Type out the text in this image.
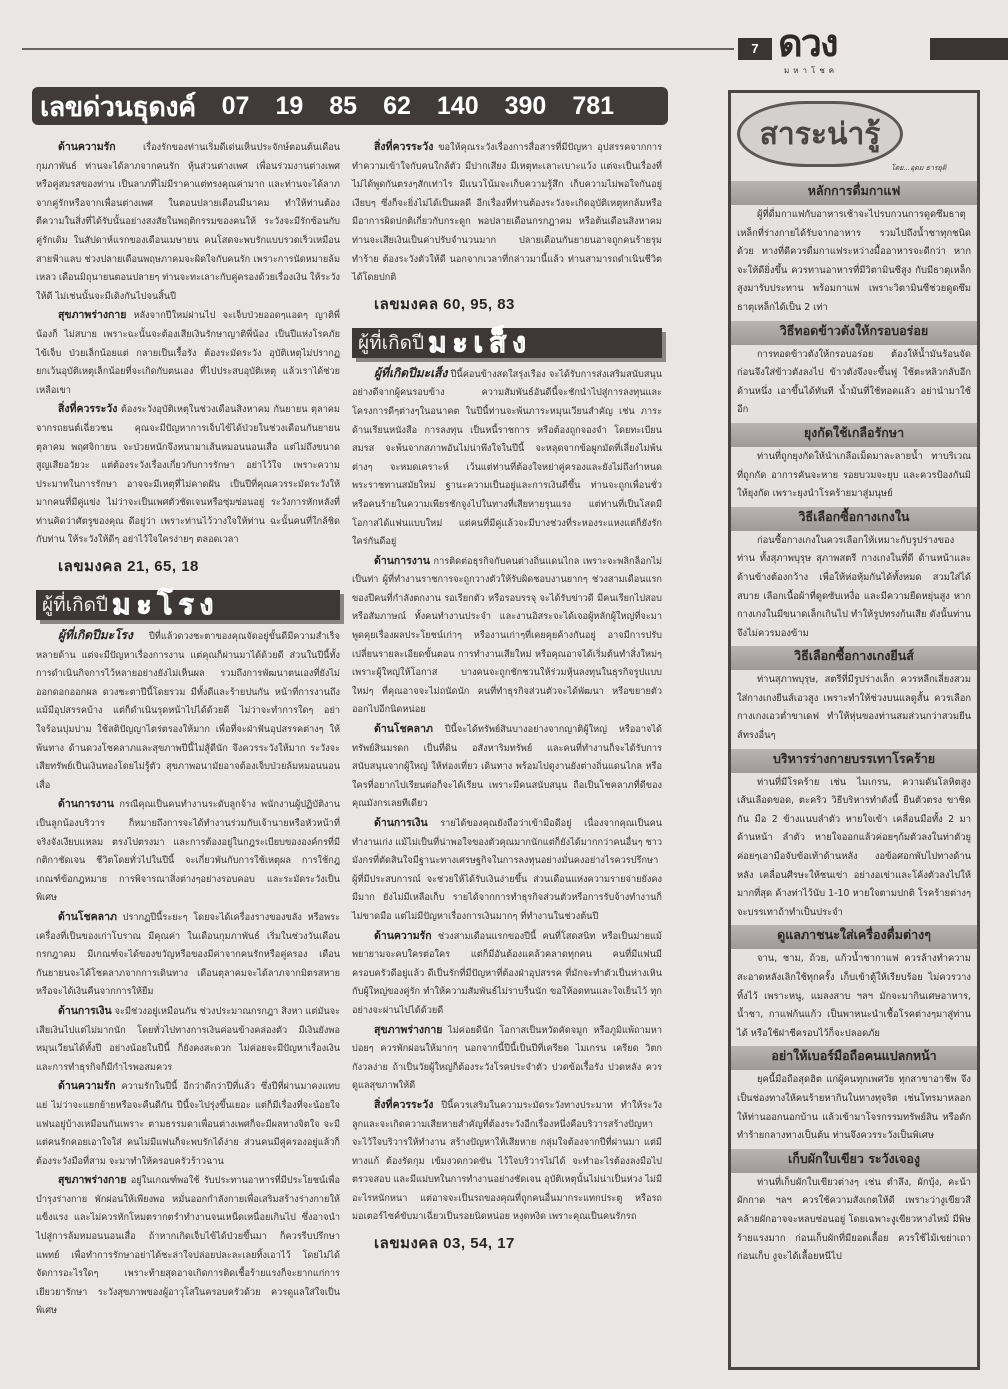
7 ดวง
มหาโชค
เลขด่วนธุดงค์ 07 19 85 62 140 390 781

ด้านความรัก	เรื่องรักของท่านเริ่มดีเด่นเห็นประจักษ์ตอนต้นเดือนกุมภาพันธ์ ท่านจะได้ลาภจากคนรัก หุ้นส่วนต่างเพศ เพื่อนร่วมงานต่างเพศ หรือคู่สมรสของท่าน เป็นลาภที่ไม่มีราคาแต่ทรงคุณค่ามาก และท่านจะได้ลาภจากคู่รักหรือจากเพื่อนต่างเพศ ในตอนปลายเดือนมีนาคม ทำให้ท่านต้องตีความในสิ่งที่ได้รับนั้นอย่างสงสัยในพฤติกรรมของคนให้ ระวังจะมีรักซ้อนกับคู่รักเดิม ในสัปดาห์แรกของเดือนเมษายน คนโสดจะพบรักแบบรวดเร็วเหมือนสายฟ้าแลบ ช่วงปลายเดือนพฤษภาคมจะผิดใจกับคนรัก เพราะการนัดหมายล้มเหลว เดือนมิถุนายนตอนปลายๆ ท่านจะทะเลาะกับคู่ครองด้วยเรื่องเงิน ให้ระวังให้ดี ไม่เช่นนั้นจะมีเดิงกันไปจนสิ้นปี

สุขภาพร่างกาย หลังจากปีใหม่ผ่านไป จะเจ็บป่วยออดๆแอดๆ ญาติพี่น้องก็ ไม่สบาย เพราะฉะนั้นจะต้องเสียเงินรักษาญาติพี่น้อง เป็นปีแห่งโรคภัยไข้เจ็บ ป่วยเล็กน้อยแต่ กลายเป็นเรื้อรัง ต้องระมัดระวัง อุบัติเหตุไม่ปรากฏ ยกเว้นอุบัติเหตุเล็กน้อยที่จะเกิดกับตนเอง ที่ไปประสบอุบัติเหตุ แล้วเราได้ช่วยเหลือเขา

สิ่งที่ควรระวัง ต้องระวังอุบัติเหตุในช่วงเดือนสิงหาคม กันยายน ตุลาคม จากรถยนต์เฉี่ยวชน คุณจะมีปัญหาการเจ็บไข้ได้ป่วยในช่วงเดือนกันยายน ตุลาคม พฤศจิกายน จะป่วยหนักจึงหนามาเส้นหมอนนอนเสื่อ แต่ไม่ถึงขนาดสูญเสียอวัยวะ แต่ต้องระวังเรื่องเกี่ยวกับการรักษา อย่าไว้ใจ เพราะความประมาทในการรักษา อาจจะมีเหตุที่ไม่คาดฝัน เป็นปีที่คุณควรระมัดระวังให้มากคนที่มีคู่แข่ง ไม่ว่าจะเป็นเพศตัวชัดเจนหรือซุ่มซ่อนอยู่ ระวังการหักหลังที่ท่านคิดว่าศัตรูของคุณ ดีอยู่ว่า เพราะท่านไว้วางใจให้ท่าน ฉะนั้นคนที่ใกล้ชิดกับท่าน ให้ระวังให้ดีๆ อย่าไว้ใจใครง่ายๆ ตลอดเวลา

เลขมงคล 21, 65, 18
ผู้ที่เกิดปี มะโรง

ผู้ที่เกิดปีมะโรง ปีที่แล้วดวงชะตาของคุณจัดอยู่ขั้นดีมีความสำเร็จหลายด้าน แต่จะมีปัญหาเรื่องการงาน แต่คุณก็ผ่านมาได้ด้วยดี ส่วนในปีนี้ทั้งการดำเนินกิจการไว้หลายอย่างยังไม่เห็นผล รวมถึงการพัฒนาตนเองที่ยังไม่ออกดอกออกผล ดวงชะตาปีนี้โดยรวม มีทั้งดีและร้ายปนกัน หน้าที่การงานถึงแม้มีอุปสรรคบ้าง แต่ก็ดำเนินรุดหน้าไปได้ด้วยดี ไม่ว่าจะทำการใดๆ อย่าใจร้อนบุ่มบ่าม ใช้สติปัญญาไตร่ตรองให้มาก เพื่อที่จะฝ่าฟันอุปสรรคต่างๆ ให้พ้นทาง ด้านดวงโชคลาภและสุขภาพปีนี้ไม่สู้ดีนัก จึงควรระวังให้มาก ระวังจะเสียทรัพย์เป็นเงินทองโดยไม่รู้ตัว สุขภาพอนามัยอาจต้องเจ็บป่วยล้มหมอนนอนเสื่อ

ด้านการงาน กรณีคุณเป็นคนทำงานระดับลูกจ้าง พนักงานผู้ปฏิบัติงานเป็นลูกน้องบริวาร ก็หมายถึงการจะได้ทำงานร่วมกับเจ้านายหรือหัวหน้าที่จริงจังเงียบแหลม ตรงไปตรงมา และการต้องอยู่ในกฎระเบียบขององค์กรที่มีกติกาชัดเจน ชีวิตโดยทั่วไปในปีนี้ จะเกี่ยวพันกับการใช้เหตุผล การใช้กฎเกณฑ์ข้อกฎหมาย การพิจารณาสิ่งต่างๆอย่างรอบคอบ และระมัดระวังเป็นพิเศษ

ด้านโชคลาภ ปรากฏปีนี้ระยะๆ โดยจะได้เครื่องรางของขลัง หรือพระเครื่องที่เป็นของเก่าโบราณ มีคุณค่า ในเดือนกุมภาพันธ์ เริ่มในช่วงวันเดือนกรกฎาคม มีเกณฑ์จะได้ของขวัญหรือของมีค่าจากคนรักหรือคู่ครอง เดือนกันยายนจะได้โชคลาภจากการเดินทาง เดือนตุลาคมจะได้ลาภจากมิตรสหาย หรือจะได้เงินคืนจากการให้ยืม

ด้านการเงิน จะมีช่วงอยู่เหมือนกัน ช่วงประมาณกรกฎา สิงหา แต่มันจะเสียเงินไปแต่ไม่มากนัก โดยทั่วไปทางการเงินค่อนข้างคล่องตัว มีเงินยังพอหมุนเวียนได้ทั้งปี อย่างน้อยในปีนี้ ก็ยังคงสะดวก ไม่ค่อยจะมีปัญหาเรื่องเงิน และการทำธุรกิจก็มีกำไรพอสมควร

ด้านความรัก ความรักในปีนี้ อีกว่าดีกว่าปีที่แล้ว ซึ่งปีที่ผ่านมาคงแทบแย่ ไม่ว่าจะแยกย้ายหรือจะคืนดีกัน ปีนี้จะไปรุ่งขึ้นเยอะ แต่ก็มีเรื่องที่จะน้อยใจแฟนอยู่บ้างเหมือนกันเพราะ ตามธรรมดาเพื่อนต่างเพศก็จะมีผลทางจิตใจ จะมีแต่คนรักคอยเอาใจใส่ คนไม่มีแฟนก็จะพบรักได้ง่าย ส่วนคนมีคู่ครองอยู่แล้วก็ต้องระวังมือที่สาม จะมาทำให้ครอบครัวร้าวฉาน

สุขภาพร่างกาย อยู่ในเกณฑ์พอใช้ รับประทานอาหารที่มีประโยชน์เพื่อบำรุงร่างกาย พักผ่อนให้เพียงพอ หมั่นออกกำลังกายเพื่อเสริมสร้างร่างกายให้แข็งแรง และไม่ควรหักโหมตรากตรำทำงานจนเหน็ดเหนื่อยเกินไป ซึ่งอาจนำไปสู่การล้มหมอนนอนเสื่อ ถ้าหากเกิดเจ็บไข้ได้ป่วยขึ้นมา ก็ควรรีบปรึกษาแพทย์ เพื่อทำการรักษาอย่าได้ชะล่าใจปล่อยปละละเลยทิ้งเอาไว้ โดยไม่ได้จัดการอะไรใดๆ เพราะท้ายสุดอาจเกิดการติดเชื้อร้ายแรงก็จะยากแก่การเยียวยารักษา ระวังสุขภาพของผู้อาวุโสในครอบครัวด้วย ควรดูแลใส่ใจเป็นพิเศษ

สิ่งที่ควรระวัง ขอให้คุณระวังเรื่องการสื่อสารที่มีปัญหา อุปสรรคจากการทำความเข้าใจกับคนใกล้ตัว มีปากเสียง มีเหตุทะเลาะเบาะแว้ง แต่จะเป็นเรื่องที่ไม่ได้พูดกันตรงๆสักเท่าไร มีแนวโน้มจะเก็บความรู้สึก เก็บความไม่พอใจกันอยู่เงียบๆ ซึ่งก็จะยิ่งไม่ได้เป็นผลดี อีกเรื่องที่ท่านต้องระวังจะเกิดอุบัติเหตุหกล้มหรือมีอาการผิดปกติเกี่ยวกับกระดูก พอปลายเดือนกรกฎาคม หรือต้นเดือนสิงหาคม ท่านจะเสียเงินเป็นค่าปรับจำนวนมาก ปลายเดือนกันยายนอาจถูกคนร้ายรุมทำร้าย ต้องระวังตัวให้ดี นอกจากเวลาที่กล่าวมานี้แล้ว ท่านสามารถดำเนินชีวิตได้โดยปกติ

เลขมงคล 60, 95, 83
ผู้ที่เกิดปี มะเส็ง

ผู้ที่เกิดปีมะเส็ง ปีนี้ค่อนข้างสดใสรุ่งเรือง จะได้รับการส่งเสริมสนับสนุน อย่างดีจากผู้คนรอบข้าง ความสัมพันธ์อันดีนี้จะชักนำไปสู่การลงทุนและโครงการดีๆต่างๆในอนาคต ในปีนี้ท่านจะพ้นภาระหมุนเวียนสำคัญ เช่น ภาระด้านเรียนหนังสือ การลงทุน เป็นหนี้ราชการ หรือต้องถูกจองจำ โดยทะเบียนสมรส จะพ้นจากสภาพอันไม่น่าพึงใจในปีนี้ จะหลุดจากข้อผูกมัดที่เลี่ยงไม่พ้นต่างๆ จะหมดเคราะห์ เว้นแต่ท่านที่ต้องใจหย่าคู่ครองและยังไม่ถึงกำหนดพระราชทานสมัยใหม่ ฐานะความเป็นอยู่และการเงินดีขึ้น ท่านจะถูกเพื่อนชั่วหรือคนร้ายในความเพียรชักจูงไปในทางที่เสียหายรุนแรง แต่ท่านที่เป็นโสดมีโอกาสได้แฟนแบบใหม่ แต่คนที่มีคู่แล้วจะมีบางช่วงที่ระหองระแหงแต่ก็ยังรักใคร่กันดีอยู่

ด้านการงาน การติดต่อธุรกิจกับคนต่างถิ่นแดนไกล เพราะจะพลิกล็อกไม่เป็นท่า ผู้ที่ทำงานราชการจะถูกวางตัวให้รับผิดชอบงานยากๆ ช่วงสามเดือนแรกของปีคนที่กำลังตกงาน รอเรียกตัว หรือรอบรรจุ จะได้รับข่าวดี มีคนเรียกไปสอบหรือสัมภาษณ์ ทั้งคนทำงานประจำ และงานอิสระจะได้เจอผู้หลักผู้ใหญ่ที่จะมาพูดคุยเรื่องผลประโยชน์เก่าๆ หรืองานเก่าๆที่เคยคุยค้างกันอยู่ อาจมีการปรับเปลี่ยนรายละเอียดขั้นตอน การทำงานเสียใหม่ หรือคุณอาจได้เริ่มต้นทำสิ่งใหม่ๆ เพราะผู้ใหญ่ให้โอกาส บางคนจะถูกชักชวนให้ร่วมหุ้นลงทุนในธุรกิจรูปแบบใหม่ๆ ที่คุณอาจจะไม่ถนัดนัก คนที่ทำธุรกิจส่วนตัวจะได้พัฒนา หรือขยายตัวออกไปอีกนิดหน่อย

ด้านโชคลาภ ปีนี้จะได้ทรัพย์สินบางอย่างจากญาติผู้ใหญ่ หรืออาจได้ทรัพย์สินมรดก เป็นที่ดิน อสังหาริมทรัพย์ และคนที่ทำงานก็จะได้รับการสนับสนุนจากผู้ใหญ่ ให้ท่องเที่ยว เดินทาง พร้อมไปดูงานยังต่างถิ่นแดนไกล หรือใครที่อยากไปเรียนต่อก็จะได้เรียน เพราะมีคนสนับสนุน ถือเป็นโชคลาภที่ดีของคุณมังกรเลยทีเดียว

ด้านการเงิน รายได้ของคุณยังถือว่าเข้ามือดีอยู่ เนื่องจากคุณเป็นคนทำงานเก่ง แม้ไม่เป็นที่น่าพอใจของตัวคุณมากนักแต่ก็ยังได้มากกว่าคนอื่นๆ ชาวมังกรที่ตัดสินใจมีฐานะทางเศรษฐกิจในการลงทุนอย่างมั่นคงอย่างไรควรปรึกษาผู้ที่มีประสบการณ์ จะช่วยให้ได้รับเงินง่ายขึ้น ส่วนเดือนแห่งความรายจ่ายยังคงมีมาก ยังไม่มีเหลือเก็บ รายได้จากการทำธุรกิจส่วนตัวหรือการรับจ้างทำงานก็ไม่ขาดมือ แต่ไม่มีปัญหาเรื่องการเงินมากๆ ที่ทำงานในช่วงต้นปี

ด้านความรัก ช่วงสามเดือนแรกของปีนี้ คนที่โสดสนิท หรือเป็นม่ายแม้พยายามจะคบใครต่อใคร แต่ก็มีอันต้องแคล้วคลาดทุกคน คนที่มีแฟนมีครอบครัวดีอยู่แล้ว ดีเป็นรักที่มีปัญหาที่ต้องฝ่าอุปสรรค ที่มักจะทำตัวเป็นห่างเหินกับผู้ใหญ่ของคู่รัก ทำให้ความสัมพันธ์ไม่ราบรื่นนัก ขอให้อดทนและใจเย็นไว้ ทุกอย่างจะผ่านไปได้ด้วยดี

สุขภาพร่างกาย ไม่ค่อยดีนัก โอกาสเป็นหวัดคัดจมูก หรือภูมิแพ้ถามหาบ่อยๆ ควรพักผ่อนให้มากๆ นอกจากนี้ปีนี้เป็นปีที่เครียด ไมเกรน เครียด วิตกกังวลง่าย ถ้าเป็นวัยผู้ใหญ่ก็ต้องระวังโรคประจำตัว ปวดข้อเรื้อรัง ปวดหลัง ควรดูแลสุขภาพให้ดี

สิ่งที่ควรระวัง ปีนี้ควรเสริมในความระมัดระวังทางประมาท ทำให้ระวังลูกและจะเกิดความเสียหายสำคัญที่ต้องระวังอีกเรื่องหนึ่งคือบริวารสร้างปัญหา จะไว้ใจบริวารให้ทำงาน สร้างปัญหาให้เสียหาย กลุ่มใจต้องจากปีที่ผ่านมา แต่มีทางแก้ ต้องรัดกุม เข้มงวดกวดขัน ไว้ใจบริวารไม่ได้ จะทำอะไรต้องลงมือไปตรวจสอบ และมีแม่บทในการทำงานอย่างชัดเจน อุบัติเหตุนั้นไม่น่าเป็นห่วง ไม่มีอะไรหนักหนา แต่อาจจะเป็นรถของคุณที่ถูกคนอื่นมากระแทกประตู หรือรถมอเตอร์ไซค์ขับมาเฉี่ยวเป็นรอยนิดหน่อย หงุดหงิด เพราะคุณเป็นคนรักรถ

เลขมงคล 03, 54, 17
สาระน่ารู้
โดย...อุดม ธารยุติ
หลักการดื่มกาแฟ
ผู้ที่ดื่มกาแฟกับอาหารเช้าจะไปรบกวนการดูดซึมธาตุเหล็กที่ร่างกายได้รับจากอาหาร รวมไปถึงน้ำชาทุกชนิดด้วย ทางที่ดีควรดื่มกาแฟระหว่างมื้ออาหารจะดีกว่า หากจะให้ดียิ่งขึ้น ควรทานอาหารที่มีวิตามินซีสูง กับมีธาตุเหล็กสูงมารับประทาน พร้อมกาแฟ เพราะวิตามินซีช่วยดูดซึมธาตุเหล็กได้เป็น 2 เท่า
วิธีทอดข้าวตังให้กรอบอร่อย
การทอดข้าวตังให้กรอบอร่อย ต้องให้น้ำมันร้อนจัดก่อนจึงใส่ข้าวตังลงไป ข้าวตังจึงจะขึ้นฟู ใช้ตะหลิวกลับอีกด้านหนึ่ง เอาขึ้นได้ทันที น้ำมันที่ใช้ทอดแล้ว อย่านำมาใช้อีก
ยุงกัดใช้เกลือรักษา
ท่านที่ถูกยุงกัดให้นำเกลือเม็ดมาละลายน้ำ ทาบริเวณที่ถูกกัด อาการคันจะหาย รอยบวมจะยุบ และควรป้องกันมิให้ยุงกัด เพราะยุงนำโรคร้ายมาสู่มนุษย์
วิธีเลือกซื้อกางเกงใน
ก่อนซื้อกางเกงในควรเลือกให้เหมาะกับรูปร่างของท่าน ทั้งสุภาพบุรุษ สุภาพสตรี กางเกงในที่ดี ด้านหน้าและด้านข้างต้องกว้าง เพื่อให้ห่อหุ้มกันได้ทั้งหมด สวมใส่ได้สบาย เลือกเนื้อผ้าที่ดูดซับเหงื่อ และมีความยืดหยุ่นสูง หากกางเกงในมีขนาดเล็กเกินไป ทำให้รูปทรงก้นเสีย ดังนั้นท่านจึงไม่ควรมองข้าม
วิธีเลือกซื้อกางเกงยีนส์
ท่านสุภาพบุรุษ, สตรีที่มีรูปร่างเล็ก ควรหลีกเลี่ยงสวมใส่กางเกงยีนส์เอวสูง เพราะทำให้ช่วงบนแลดูสั้น ควรเลือกกางเกงเอวต่ำขาเดฟ ทำให้หุ่นของท่านสมส่วนกว่าสวมยีนส์ทรงอื่นๆ
บริหารร่างกายบรรเทาโรคร้าย
ท่านที่มีโรคร้าย เช่น ไมเกรน, ความดันโลหิตสูง เส้นเลือดขอด, ตะคริว วิธีบริหารทำดังนี้ ยืนตัวตรง ขาชิดกัน มือ 2 ข้างแนบลำตัว หายใจเข้า เคลื่อนมือทั้ง 2 มาด้านหน้า ลำตัว หายใจออกแล้วค่อยๆก้มตัวลงในท่าตัวยู ค่อยๆเอามือจับข้อเท้าด้านหลัง งอข้อศอกพับไปทางด้านหลัง เคลื่อนศีรษะให้ชนเข่า อย่างอเข่าและโค้งตัวลงไปให้มากที่สุด ค้างท่าไว้นับ 1-10 หายใจตามปกติ โรคร้ายต่างๆจะบรรเทาถ้าทำเป็นประจำ
ดูแลภาชนะใส่เครื่องดื่มต่างๆ
จาน, ชาม, ถ้วย, แก้วน้ำชากาแฟ ควรล้างทำความสะอาดหลังเลิกใช้ทุกครั้ง เก็บเข้าตู้ให้เรียบร้อย ไม่ควรวางทิ้งไว้ เพราะหนู, แมลงสาบ ฯลฯ มักจะมากินเศษอาหาร, น้ำชา, กาแฟก้นแก้ว เป็นพาหนะนำเชื้อโรคต่างๆมาสู่ท่านได้ หรือใช้ฝาชีครอบไว้ก็จะปลอดภัย
อย่าให้เบอร์มือถือคนแปลกหน้า
ยุคนี้มือถือสุดฮิต แก่ผู้คนทุกเพศวัย ทุกสาขาอาชีพ จึงเป็นช่องทางให้คนร้ายหากินในทางทุจริต เช่นโทรมาหลอกให้ท่านออกนอกบ้าน แล้วเข้ามาโจรกรรมทรัพย์สิน หรือดักทำร้ายกลางทางเป็นต้น ท่านจึงควรระวังเป็นพิเศษ
เก็บผักใบเขียว ระวังเจองู
ท่านที่เก็บผักใบเขียวต่างๆ เช่น ตำลึง, ผักบุ้ง, คะน้า ผักกาด ฯลฯ ควรใช้ความสังเกตให้ดี เพราะว่างูเขียวสีคล้ายผักอาจจะหลบซ่อนอยู่ โดยเฉพาะงูเขียวหางไหม้ มีพิษร้ายแรงมาก ก่อนเก็บผักที่มียอดเลื้อย ควรใช้ไม้เขย่าเถาก่อนเก็บ งูจะได้เลื้อยหนีไป
